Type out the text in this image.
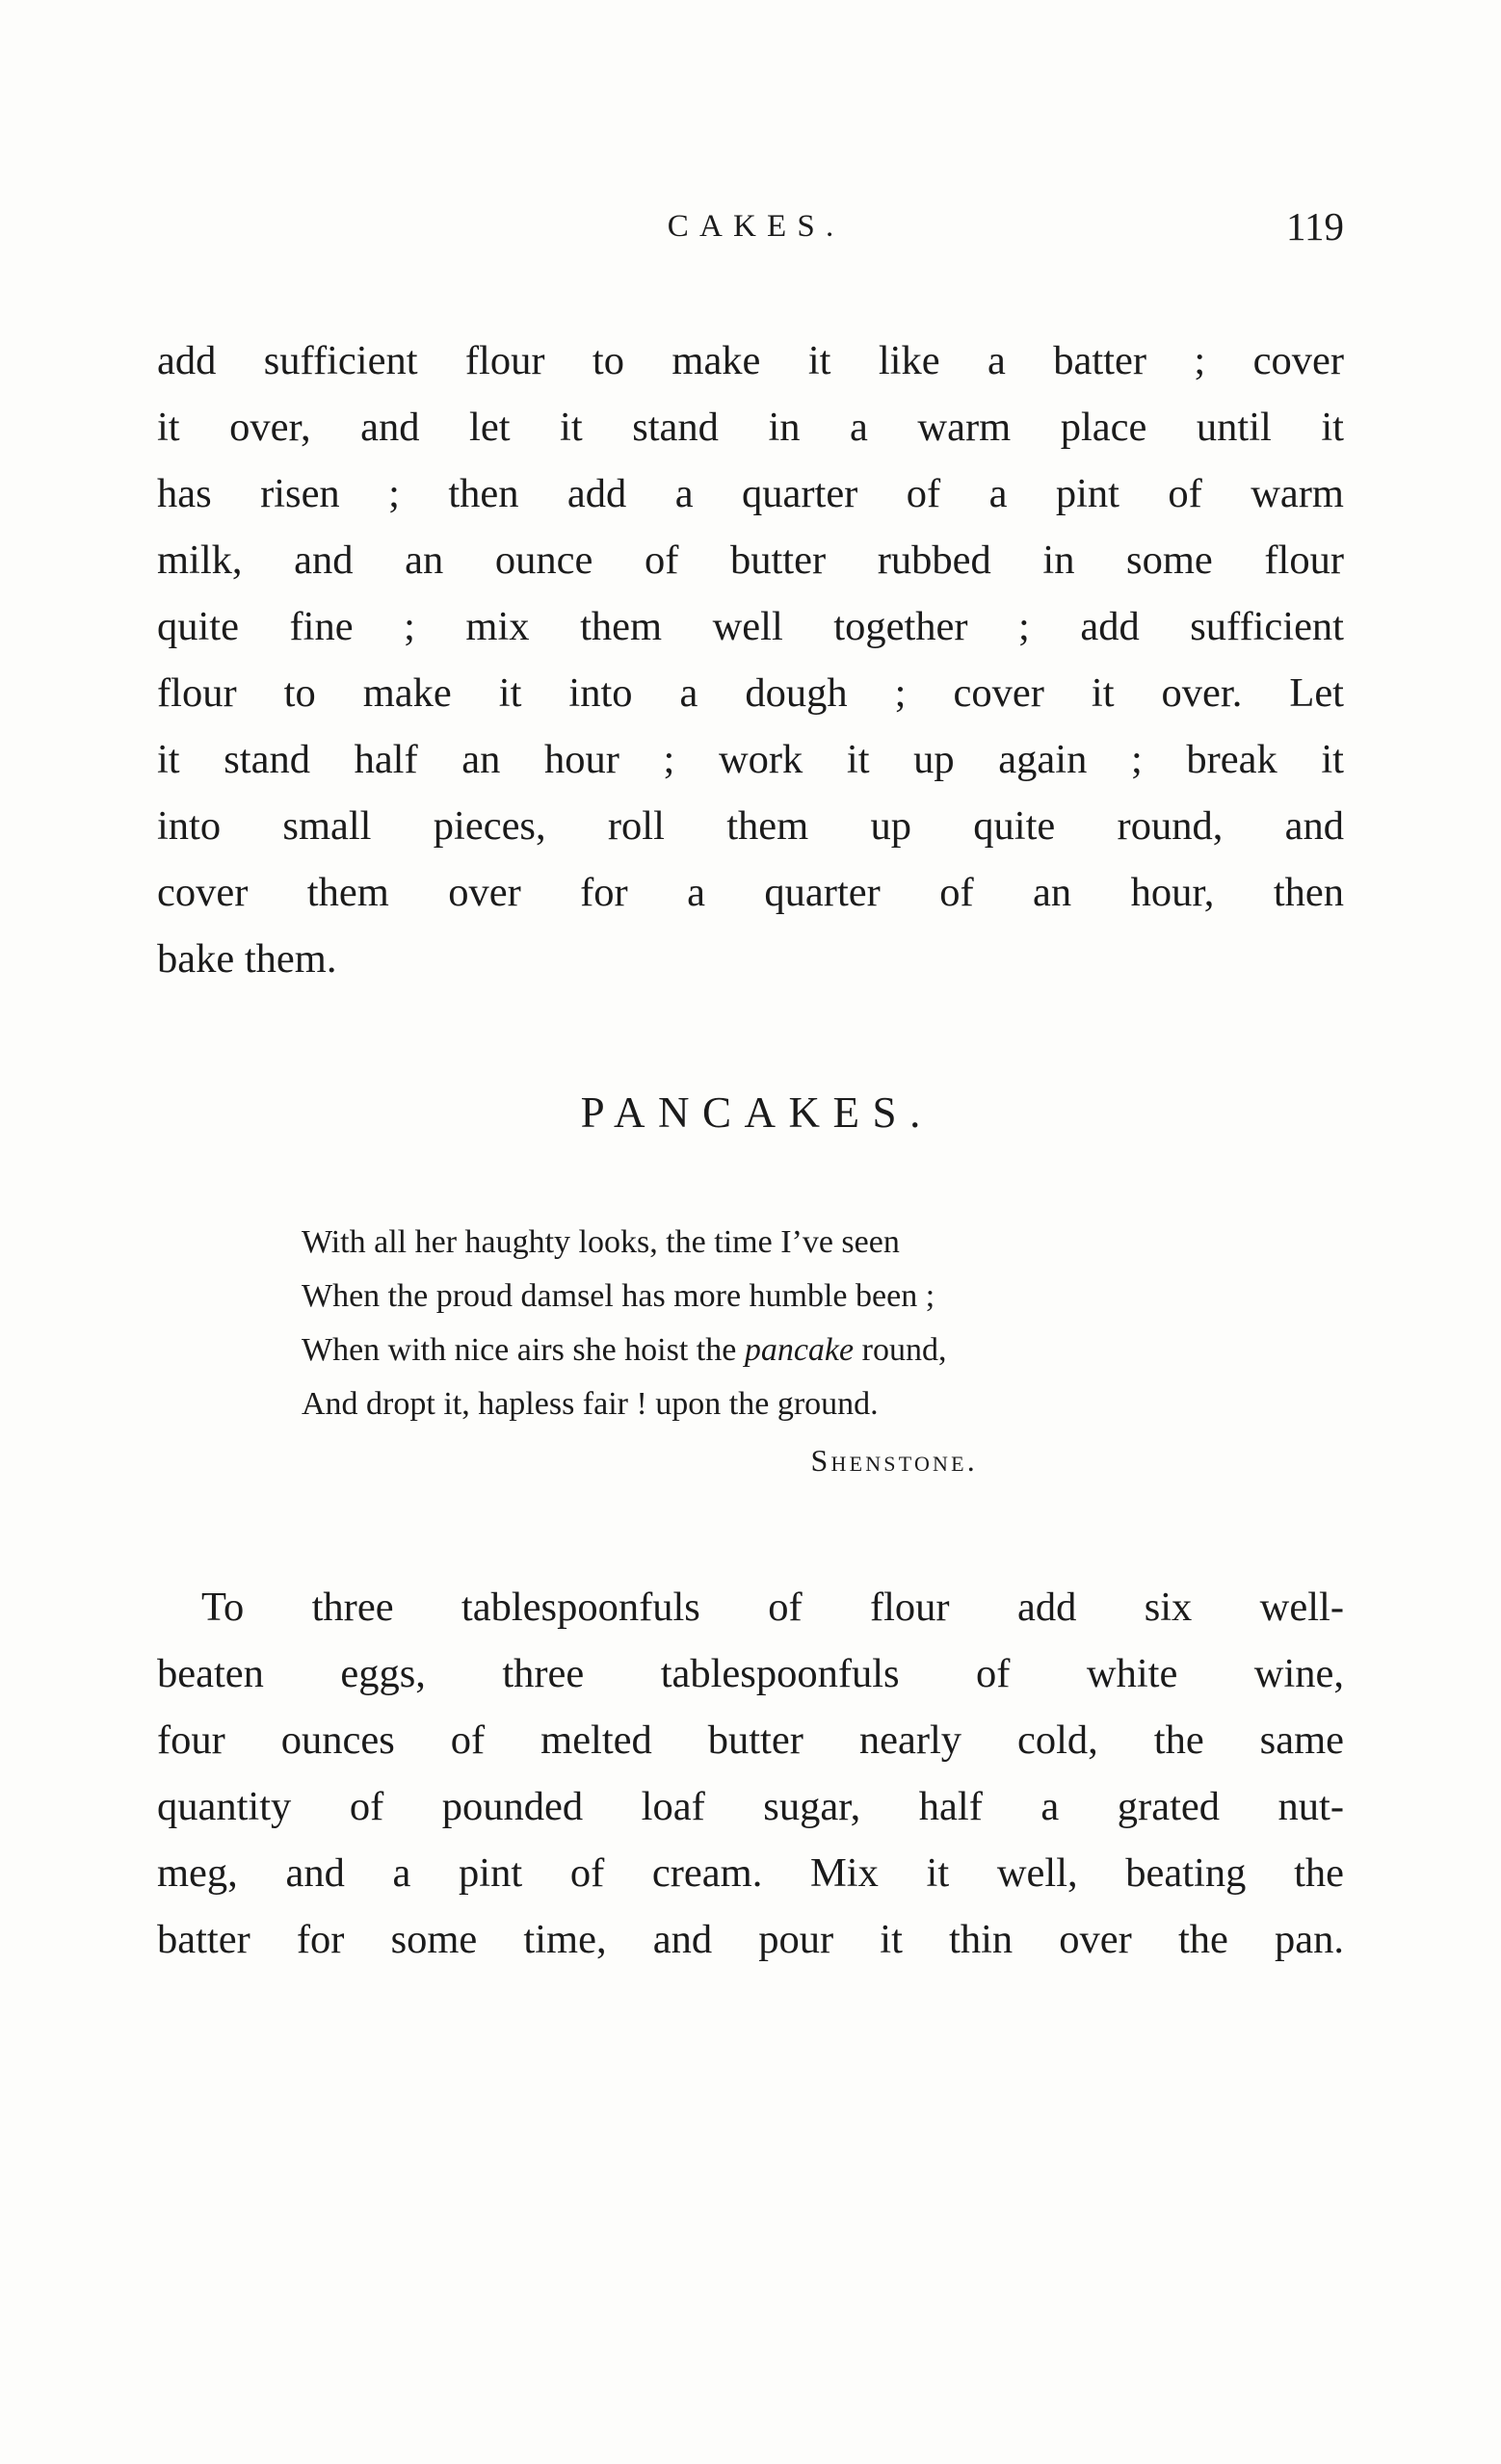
CAKES.	119
add sufficient flour to make it like a batter ; cover
it over, and let it stand in a warm place until it
has risen ; then add a quarter of a pint of warm
milk, and an ounce of butter rubbed in some flour
quite fine ; mix them well together ; add sufficient
flour to make it into a dough ; cover it over. Let
it stand half an hour ; work it up again ; break it
into small pieces, roll them up quite round, and
cover them over for a quarter of an hour, then
bake them.
PANCAKES.
With all her haughty looks, the time I’ve seen
When the proud damsel has more humble been ;
When with nice airs she hoist the pancake round,
And dropt it, hapless fair ! upon the ground.
Shenstone.
To three tablespoonfuls of flour add six well-
beaten eggs, three tablespoonfuls of white wine,
four ounces of melted butter nearly cold, the same
quantity of pounded loaf sugar, half a grated nut-
meg, and a pint of cream. Mix it well, beating the
batter for some time, and pour it thin over the pan.
